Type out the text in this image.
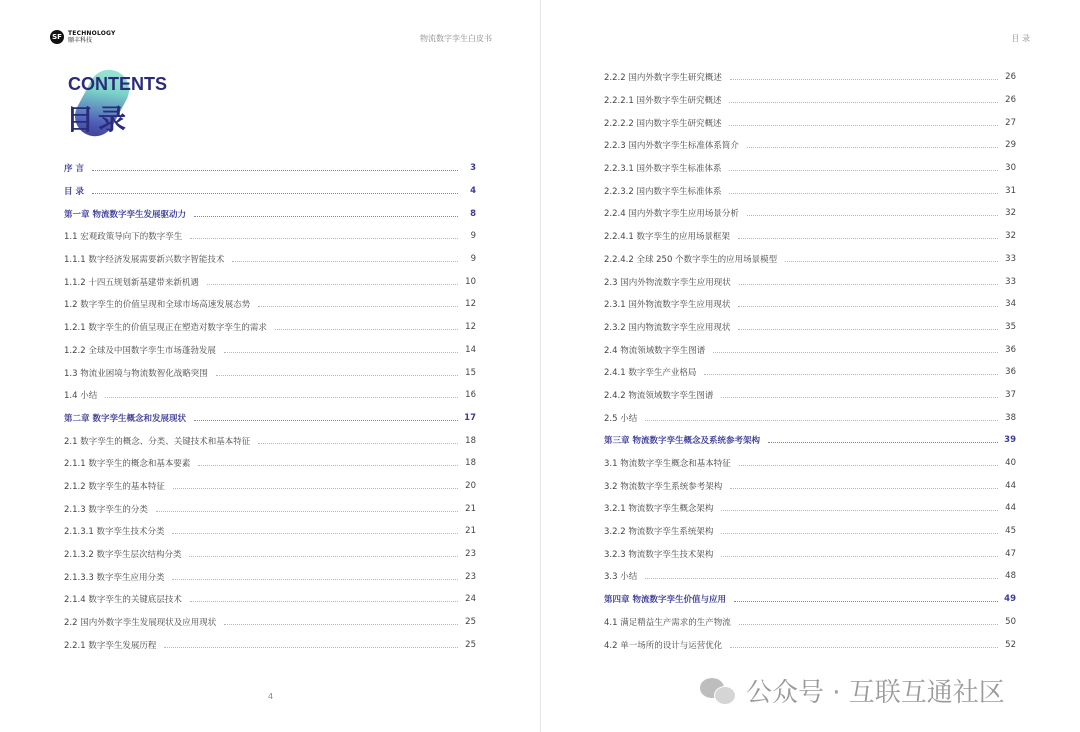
SF	TECHNOLOGY
顺丰科技	物流数字孪生白皮书	目 录
CONTENTS
目录
序 言	3
目 录	4
第一章 物流数字孪生发展驱动力	8
1.1 宏观政策导向下的数字孪生	9
1.1.1 数字经济发展需要新兴数字智能技术	9
1.1.2 十四五规划新基建带来新机遇	10
1.2 数字孪生的价值呈现和全球市场高速发展态势	12
1.2.1 数字孪生的价值呈现正在塑造对数字孪生的需求	12
1.2.2 全球及中国数字孪生市场蓬勃发展	14
1.3 物流业困境与物流数智化战略突围	15
1.4 小结	16
第二章 数字孪生概念和发展现状	17
2.1 数字孪生的概念、分类、关键技术和基本特征	18
2.1.1 数字孪生的概念和基本要素	18
2.1.2 数字孪生的基本特征	20
2.1.3 数字孪生的分类	21
2.1.3.1 数字孪生技术分类	21
2.1.3.2 数字孪生层次结构分类	23
2.1.3.3 数字孪生应用分类	23
2.1.4 数字孪生的关键底层技术	24
2.2 国内外数字孪生发展现状及应用现状	25
2.2.1 数字孪生发展历程	25
2.2.2 国内外数字孪生研究概述	26
2.2.2.1 国外数字孪生研究概述	26
2.2.2.2 国内数字孪生研究概述	27
2.2.3 国内外数字孪生标准体系简介	29
2.2.3.1 国外数字孪生标准体系	30
2.2.3.2 国内数字孪生标准体系	31
2.2.4 国内外数字孪生应用场景分析	32
2.2.4.1 数字孪生的应用场景框架	32
2.2.4.2 全球 250 个数字孪生的应用场景模型	33
2.3 国内外物流数字孪生应用现状	33
2.3.1 国外物流数字孪生应用现状	34
2.3.2 国内物流数字孪生应用现状	35
2.4 物流领域数字孪生图谱	36
2.4.1 数字孪生产业格局	36
2.4.2 物流领域数字孪生图谱	37
2.5 小结	38
第三章 物流数字孪生概念及系统参考架构	39
3.1 物流数字孪生概念和基本特征	40
3.2 物流数字孪生系统参考架构	44
3.2.1 物流数字孪生概念架构	44
3.2.2 物流数字孪生系统架构	45
3.2.3 物流数字孪生技术架构	47
3.3 小结	48
第四章 物流数字孪生价值与应用	49
4.1 满足精益生产需求的生产物流	50
4.2 单一场所的设计与运营优化	52
4	公众号 · 互联互通社区
